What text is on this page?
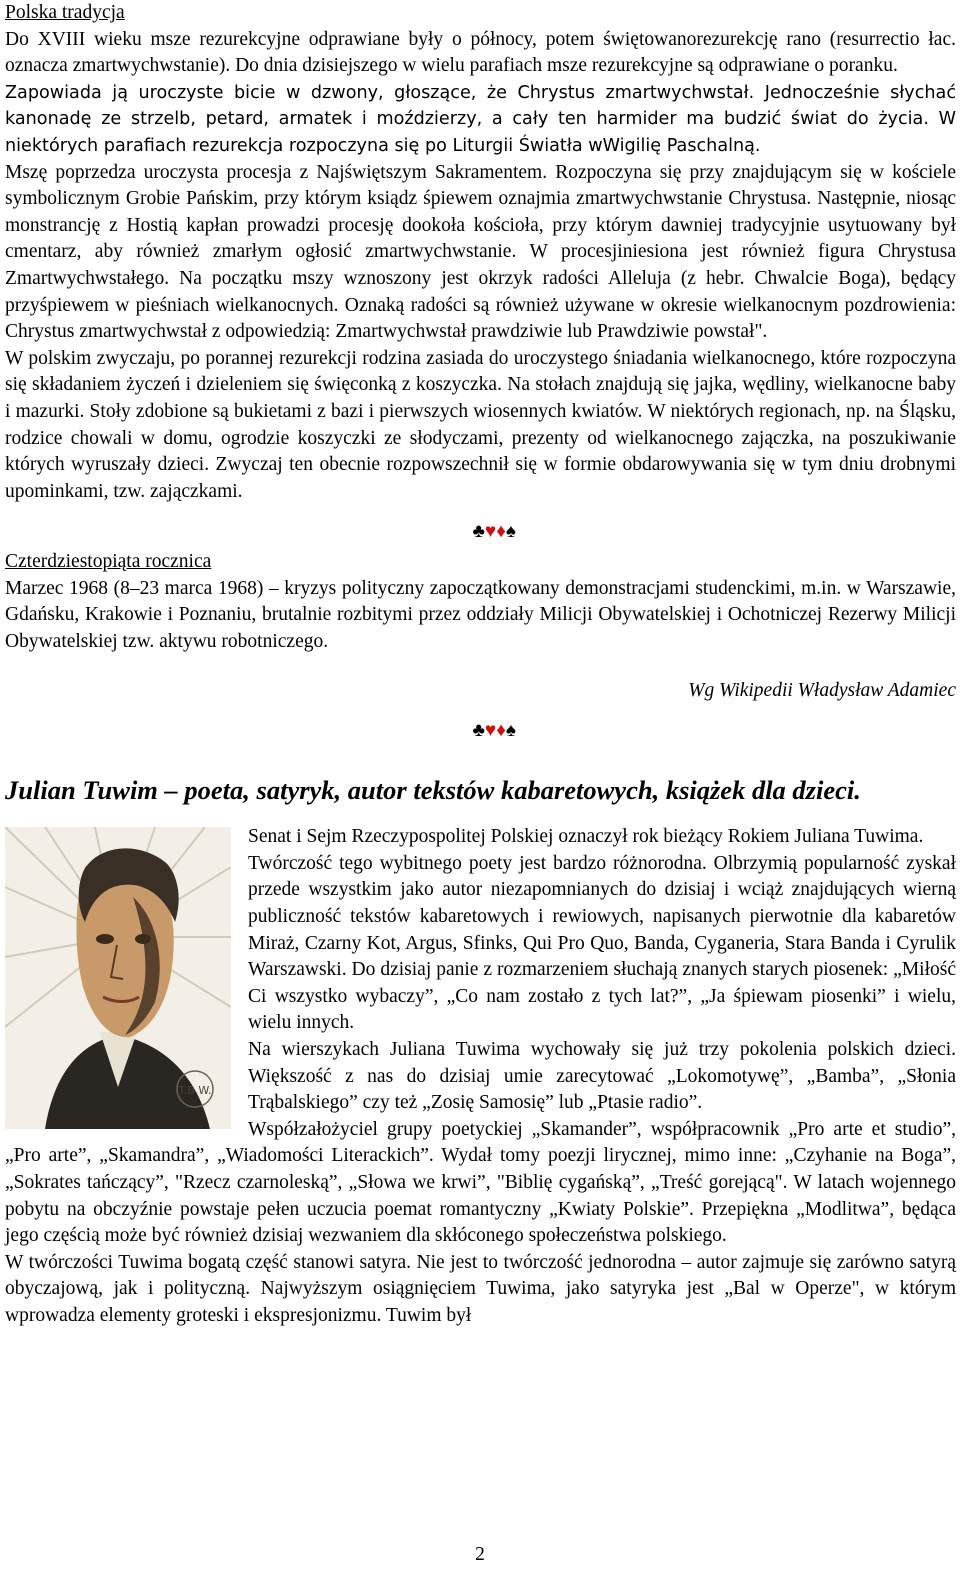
Polska tradycja

Do XVIII wieku msze rezurekcyjne odprawiane były o północy, potem świętowanorezurekcję rano (resurrectio łac. oznacza zmartwychwstanie). Do dnia dzisiejszego w wielu parafiach msze rezurekcyjne są odprawiane o poranku.

Zapowiada ją uroczyste bicie w dzwony, głoszące, że Chrystus zmartwychwstał. Jednocześnie słychać kanonadę ze strzelb, petard, armatek i moździerzy, a cały ten harmider ma budzić świat do życia. W niektórych parafiach rezurekcja rozpoczyna się po Liturgii Światła wWigilię Paschalną.

Mszę poprzedza uroczysta procesja z Najświętszym Sakramentem. Rozpoczyna się przy znajdującym się w kościele symbolicznym Grobie Pańskim, przy którym ksiądz śpiewem oznajmia zmartwychwstanie Chrystusa. Następnie, niosąc monstrancję z Hostią kapłan prowadzi procesję dookoła kościoła, przy którym dawniej tradycyjnie usytuowany był cmentarz, aby również zmarłym ogłosić zmartwychwstanie. W procesjiniesiona jest również figura Chrystusa Zmartwychwstałego. Na początku mszy wznoszony jest okrzyk radości Alleluja (z hebr. Chwalcie Boga), będący przyśpiewem w pieśniach wielkanocnych. Oznaką radości są również używane w okresie wielkanocnym pozdrowienia: Chrystus zmartwychwstał z odpowiedzią: Zmartwychwstał prawdziwie lub Prawdziwie powstał".

W polskim zwyczaju, po porannej rezurekcji rodzina zasiada do uroczystego śniadania wielkanocnego, które rozpoczyna się składaniem życzeń i dzieleniem się święconką z koszyczka. Na stołach znajdują się jajka, wędliny, wielkanocne baby i mazurki. Stoły zdobione są bukietami z bazi i pierwszych wiosennych kwiatów. W niektórych regionach, np. na Śląsku, rodzice chowali w domu, ogrodzie koszyczki ze słodyczami, prezenty od wielkanocnego zajączka, na poszukiwanie których wyruszały dzieci. Zwyczaj ten obecnie rozpowszechnił się w formie obdarowywania się w tym dniu drobnymi upominkami, tzw. zajączkami.

♣♥♦♠
Czterdziestopiąta rocznica

Marzec 1968 (8–23 marca 1968) – kryzys polityczny zapoczątkowany demonstracjami studenckimi, m.in. w Warszawie, Gdańsku, Krakowie i Poznaniu, brutalnie rozbitymi przez oddziały Milicji Obywatelskiej i Ochotniczej Rezerwy Milicji Obywatelskiej tzw. aktywu robotniczego.

Wg Wikipedii Władysław Adamiec
♣♥♦♠
Julian Tuwim – poeta, satyryk, autor tekstów kabaretowych, książek dla dzieci.
T.B.W.

Senat i Sejm Rzeczypospolitej Polskiej oznaczył rok bieżący Rokiem Juliana Tuwima.

Twórczość tego wybitnego poety jest bardzo różnorodna. Olbrzymią popularność zyskał przede wszystkim jako autor niezapomnianych do dzisiaj i wciąż znajdujących wierną publiczność tekstów kabaretowych i rewiowych, napisanych pierwotnie dla kabaretów Miraż, Czarny Kot, Argus, Sfinks, Qui Pro Quo, Banda, Cyganeria, Stara Banda i Cyrulik Warszawski. Do dzisiaj panie z rozmarzeniem słuchają znanych starych piosenek: „Miłość Ci wszystko wybaczy”, „Co nam zostało z tych lat?”, „Ja śpiewam piosenki” i wielu, wielu innych.

Na wierszykach Juliana Tuwima wychowały się już trzy pokolenia polskich dzieci. Większość z nas do dzisiaj umie zarecytować „Lokomotywę”, „Bamba”, „Słonia Trąbalskiego” czy też „Zosię Samosię” lub „Ptasie radio”.

Współzałożyciel grupy poetyckiej „Skamander”, współpracownik „Pro arte et studio”, „Pro arte”, „Skamandra”, „Wiadomości Literackich”. Wydał tomy poezji lirycznej, mimo inne: „Czyhanie na Boga”, „Sokrates tańczący”, "Rzecz czarnoleską”, „Słowa we krwi”, "Biblię cygańską”, „Treść gorejącą". W latach wojennego pobytu na obczyźnie powstaje pełen uczucia poemat romantyczny „Kwiaty Polskie”. Przepiękna „Modlitwa”, będąca jego częścią może być również dzisiaj wezwaniem dla skłóconego społeczeństwa polskiego.

W twórczości Tuwima bogatą część stanowi satyra. Nie jest to twórczość jednorodna – autor zajmuje się zarówno satyrą obyczajową, jak i polityczną. Najwyższym osiągnięciem Tuwima, jako satyryka jest „Bal w Operze", w którym wprowadza elementy groteski i ekspresjonizmu. Tuwim był

2
